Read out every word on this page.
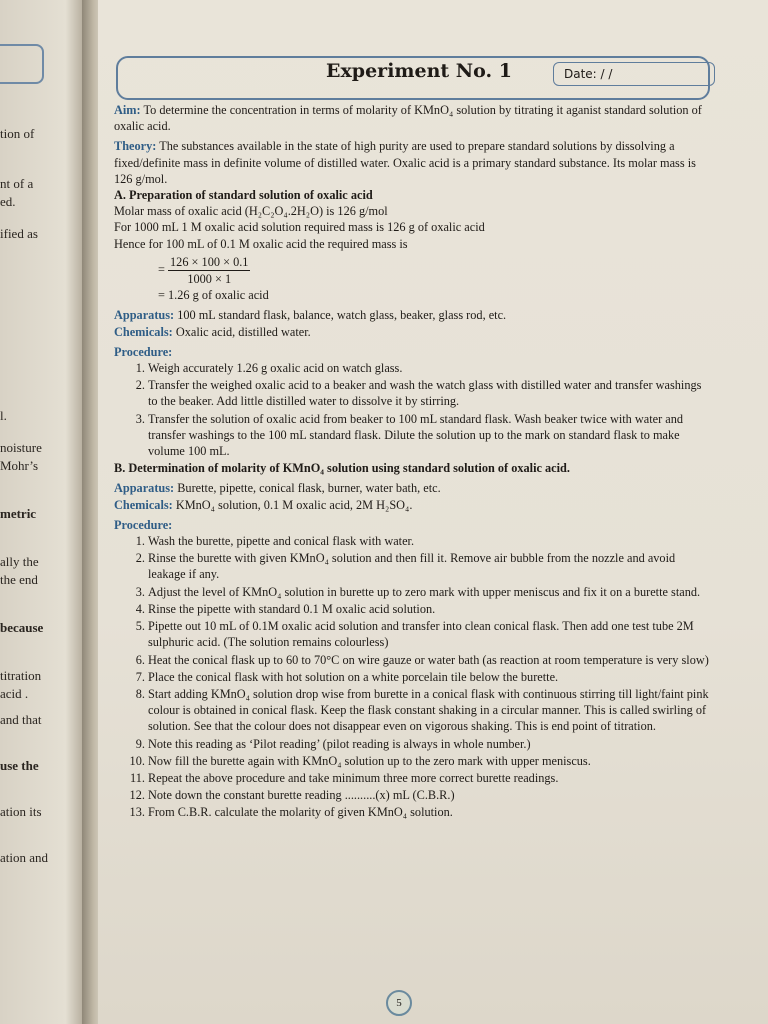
tion of
nt of a
ed.
ified as
l.
noisture
Mohr’s
metric
ally the
the end
because
titration
acid .
and that
use the
ation its
ation and
Experiment No. 1	Date: / /

Aim: To determine the concentration in terms of molarity of KMnO₄ solution by titrating it aganist standard solution of oxalic acid.

Theory: The substances available in the state of high purity are used to prepare standard solutions by dissolving a fixed/definite mass in definite volume of distilled water. Oxalic acid is a primary standard substance. Its molar mass is 126 g/mol.

A. Preparation of standard solution of oxalic acid

Molar mass of oxalic acid (H₂C₂O₄.2H₂O) is 126 g/mol

For 1000 mL 1 M oxalic acid solution required mass is 126 g of oxalic acid

Hence for 100 mL of 0.1 M oxalic acid the required mass is

= $\frac{126 \times 100 \times 0.1}{1000 \times 1}$

= 1.26 g of oxalic acid

Apparatus: 100 mL standard flask, balance, watch glass, beaker, glass rod, etc.

Chemicals: Oxalic acid, distilled water.

Procedure:

1. Weigh accurately 1.26 g oxalic acid on watch glass.
2. Transfer the weighed oxalic acid to a beaker and wash the watch glass with distilled water and transfer washings to the beaker. Add little distilled water to dissolve it by stirring.
3. Transfer the solution of oxalic acid from beaker to 100 mL standard flask. Wash beaker twice with water and transfer washings to the 100 mL standard flask. Dilute the solution up to the mark on standard flask to make volume 100 mL.

B. Determination of molarity of KMnO₄ solution using standard solution of oxalic acid.

Apparatus: Burette, pipette, conical flask, burner, water bath, etc.

Chemicals: KMnO₄ solution, 0.1 M oxalic acid, 2M H₂SO₄.

Procedure:

1. Wash the burette, pipette and conical flask with water.
2. Rinse the burette with given KMnO₄ solution and then fill it. Remove air bubble from the nozzle and avoid leakage if any.
3. Adjust the level of KMnO₄ solution in burette up to zero mark with upper meniscus and fix it on a burette stand.
4. Rinse the pipette with standard 0.1 M oxalic acid solution.
5. Pipette out 10 mL of 0.1M oxalic acid solution and transfer into clean conical flask. Then add one test tube 2M sulphuric acid. (The solution remains colourless)
6. Heat the conical flask up to 60 to 70°C on wire gauze or water bath (as reaction at room temperature is very slow)
7. Place the conical flask with hot solution on a white porcelain tile below the burette.
8. Start adding KMnO₄ solution drop wise from burette in a conical flask with continuous stirring till light/faint pink colour is obtained in conical flask. Keep the flask constant shaking in a circular manner. This is called swirling of solution. See that the colour does not disappear even on vigorous shaking. This is end point of titration.
9. Note this reading as ‘Pilot reading’ (pilot reading is always in whole number.)
10. Now fill the burette again with KMnO₄ solution up to the zero mark with upper meniscus.
11. Repeat the above procedure and take minimum three more correct burette readings.
12. Note down the constant burette reading ..........(x) mL (C.B.R.)
13. From C.B.R. calculate the molarity of given KMnO₄ solution.
5
